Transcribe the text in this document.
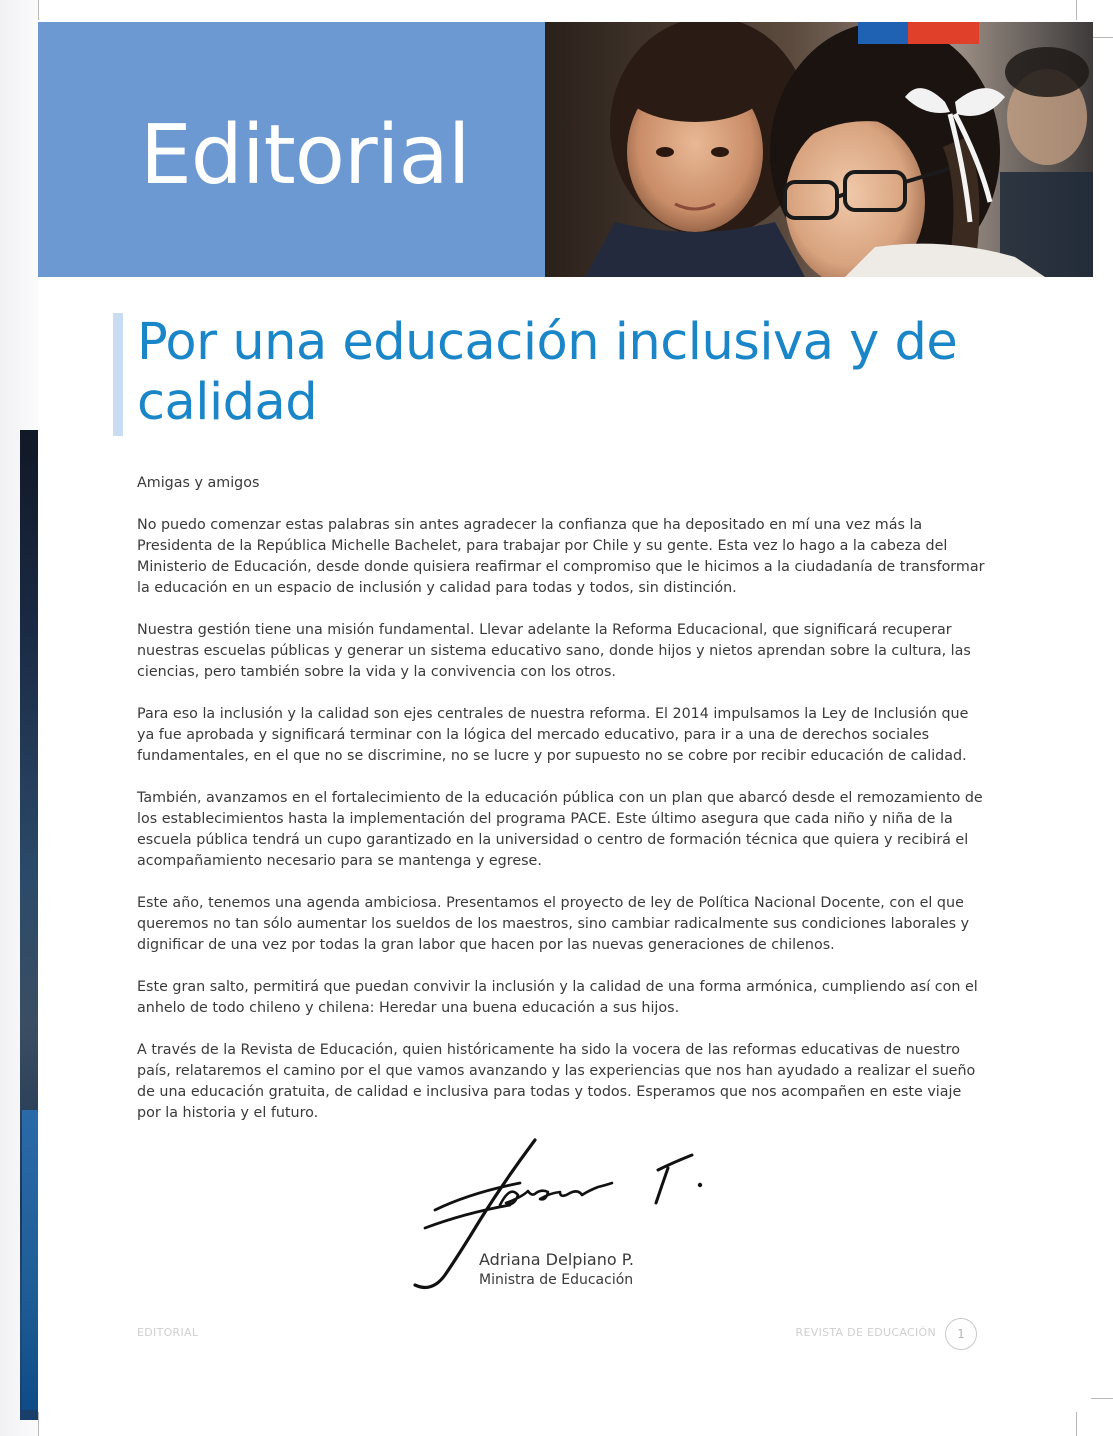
Editorial
Por una educación inclusiva y de calidad

Amigas y amigos

No puedo comenzar estas palabras sin antes agradecer la confianza que ha depositado en mí una vez más la Presidenta de la República Michelle Bachelet, para trabajar por Chile y su gente. Esta vez lo hago a la cabeza del Ministerio de Educación, desde donde quisiera reafirmar el compromiso que le hicimos a la ciudadanía de transformar la educación en un espacio de inclusión y calidad para todas y todos, sin distinción.

Nuestra gestión tiene una misión fundamental. Llevar adelante la Reforma Educacional, que significará recuperar nuestras escuelas públicas y generar un sistema educativo sano, donde hijos y nietos aprendan sobre la cultura, las ciencias, pero también sobre la vida y la convivencia con los otros.

Para eso la inclusión y la calidad son ejes centrales de nuestra reforma. El 2014 impulsamos la Ley de Inclusión que ya fue aprobada y significará terminar con la lógica del mercado educativo, para ir a una de derechos sociales fundamentales, en el que no se discrimine, no se lucre y por supuesto no se cobre por recibir educación de calidad.

También, avanzamos en el fortalecimiento de la educación pública con un plan que abarcó desde el remozamiento de los establecimientos hasta la implementación del programa PACE. Este último asegura que cada niño y niña de la escuela pública tendrá un cupo garantizado en la universidad o centro de formación técnica que quiera y recibirá el acompañamiento necesario para se mantenga y egrese.

Este año, tenemos una agenda ambiciosa. Presentamos el proyecto de ley de Política Nacional Docente, con el que queremos no tan sólo aumentar los sueldos de los maestros, sino cambiar radicalmente sus condiciones laborales y dignificar de una vez por todas la gran labor que hacen por las nuevas generaciones de chilenos.

Este gran salto, permitirá que puedan convivir la inclusión y la calidad de una forma armónica, cumpliendo así con el anhelo de todo chileno y chilena: Heredar una buena educación a sus hijos.

A través de la Revista de Educación, quien históricamente ha sido la vocera de las reformas educativas de nuestro país, relataremos el camino por el que vamos avanzando y las experiencias que nos han ayudado a realizar el sueño de una educación gratuita, de calidad e inclusiva para todas y todos. Esperamos que nos acompañen en este viaje por la historia y el futuro.

Adriana Delpiano P.

Ministra de Educación

EDITORIAL	REVISTA DE EDUCACIÓN	1
